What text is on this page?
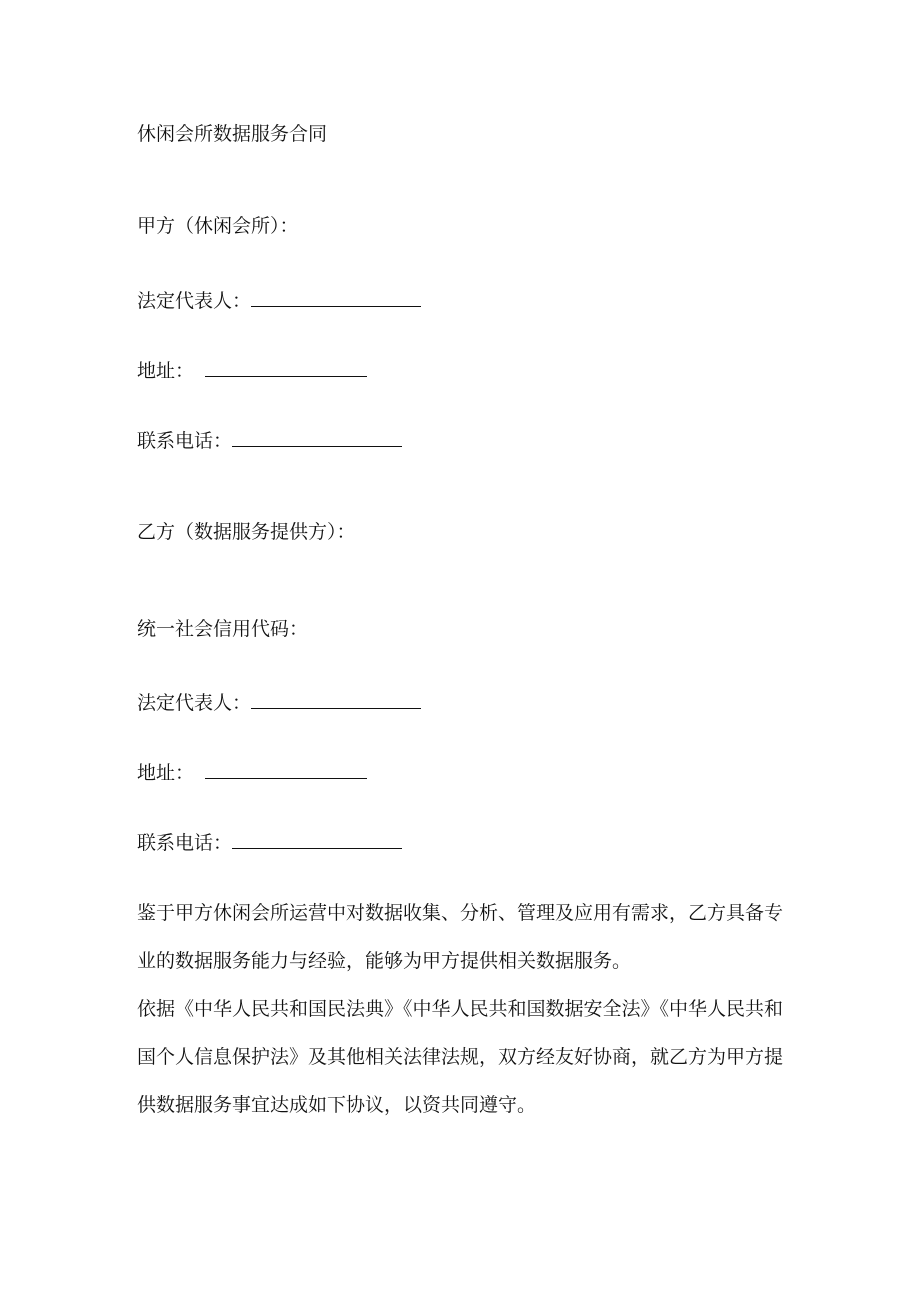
休闲会所数据服务合同
甲方（休闲会所）：
法定代表人：
地址：
联系电话：
乙方（数据服务提供方）：
统一社会信用代码：
法定代表人：
地址：
联系电话：
鉴于甲方休闲会所运营中对数据收集、分析、管理及应用有需求，乙方具备专业的数据服务能力与经验，能够为甲方提供相关数据服务。
依据《中华人民共和国民法典》《中华人民共和国数据安全法》《中华人民共和国个人信息保护法》及其他相关法律法规，双方经友好协商，就乙方为甲方提供数据服务事宜达成如下协议，以资共同遵守。
